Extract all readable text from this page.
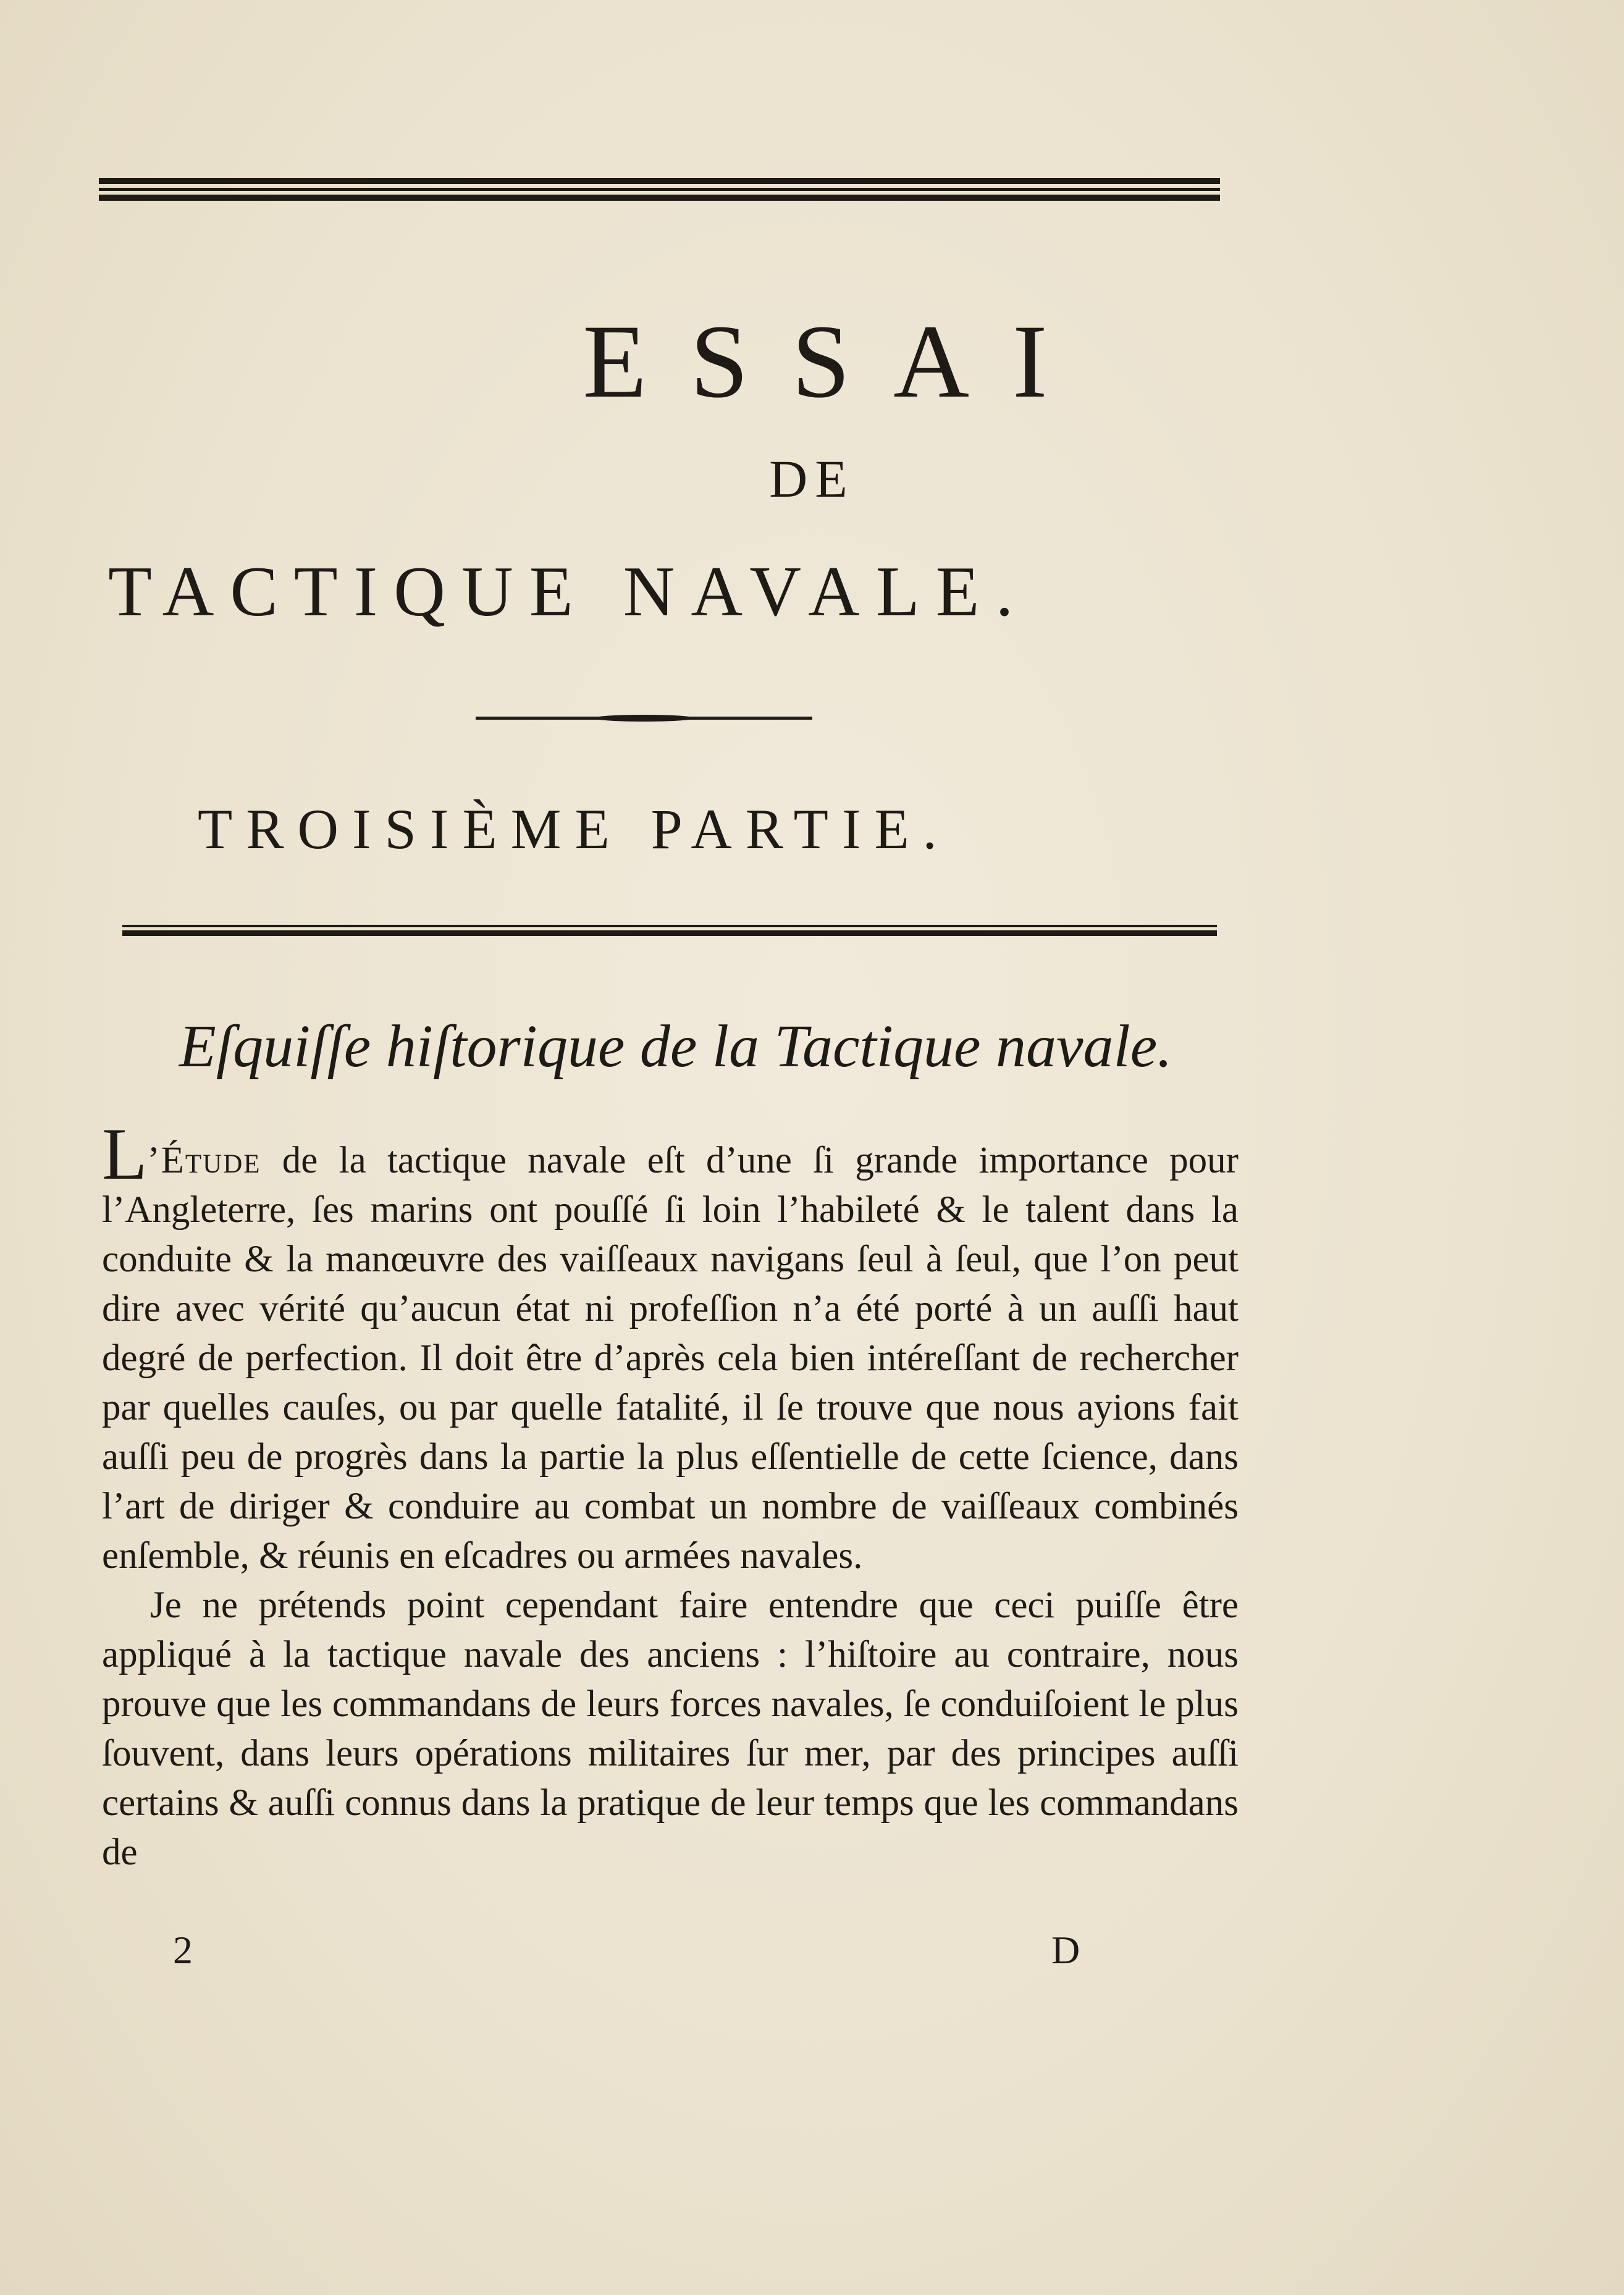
ESSAI
DE
TACTIQUE NAVALE.
TROISIÈME PARTIE.
Eſquiſſe hiſtorique de la Tactique navale.

L’Étude de la tactique navale eſt d’une ſi grande importance pour l’Angleterre, ſes marins ont pouſſé ſi loin l’habileté & le talent dans la conduite & la manœuvre des vaiſſeaux navigans ſeul à ſeul, que l’on peut dire avec vérité qu’aucun état ni profeſſion n’a été porté à un auſſi haut degré de perfection. Il doit être d’après cela bien intéreſſant de rechercher par quelles cauſes, ou par quelle fatalité, il ſe trouve que nous ayions fait auſſi peu de progrès dans la partie la plus eſſentielle de cette ſcience, dans l’art de diriger & conduire au combat un nombre de vaiſſeaux combinés enſemble, & réunis en eſcadres ou armées navales.

Je ne prétends point cependant faire entendre que ceci puiſſe être appliqué à la tactique navale des anciens : l’hiſtoire au contraire, nous prouve que les commandans de leurs forces navales, ſe conduiſoient le plus ſouvent, dans leurs opérations militaires ſur mer, par des principes auſſi certains & auſſi connus dans la pratique de leur temps que les commandans de

2	D
